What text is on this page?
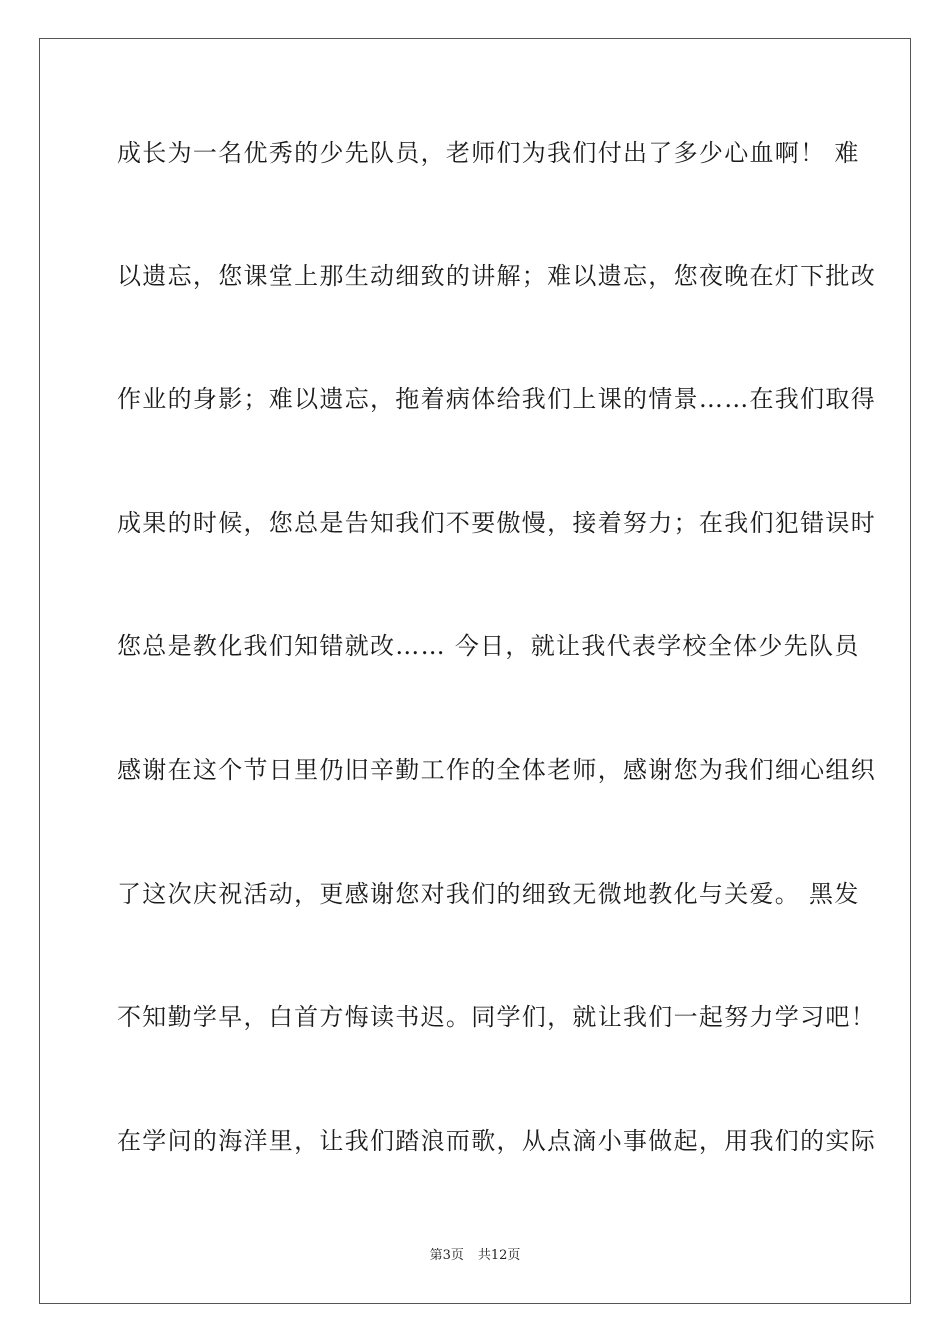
成长为一名优秀的少先队员，老师们为我们付出了多少心血啊！ 难
以遗忘，您课堂上那生动细致的讲解；难以遗忘，您夜晚在灯下批改
作业的身影；难以遗忘，拖着病体给我们上课的情景……在我们取得
成果的时候，您总是告知我们不要傲慢，接着努力；在我们犯错误时
您总是教化我们知错就改…… 今日，就让我代表学校全体少先队员
感谢在这个节日里仍旧辛勤工作的全体老师，感谢您为我们细心组织
了这次庆祝活动，更感谢您对我们的细致无微地教化与关爱。 黑发
不知勤学早，白首方悔读书迟。同学们，就让我们一起努力学习吧！
在学问的海洋里，让我们踏浪而歌，从点滴小事做起，用我们的实际
第3页 共12页
